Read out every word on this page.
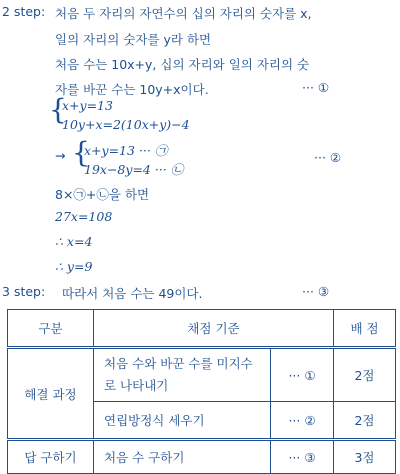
2 step: 처음 두 자리의 자연수의 십의 자리의 숫자를 x,
일의 자리의 숫자를 y라 하면
처음 수는 10x+y, 십의 자리와 일의 자리의 숫
자를 바꾼 수는 10y+x이다.	··· ①
{
x+y=13
10y+x=2(10x+y)−4
→ {
x+y=13 ··· ㉠
19x−8y=4 ··· ㉡
··· ②
8×㉠+㉡을 하면
27x=108
∴ x=4
∴ y=9
3 step: 따라서 처음 수는 49이다.	··· ③
구분	채점 기준		배 점
해결 과정	처음 수와 바꾼 수를 미지수
로 나타내기	··· ①	2점
	연립방정식 세우기	··· ②	2점
답 구하기	처음 수 구하기	··· ③	3점
